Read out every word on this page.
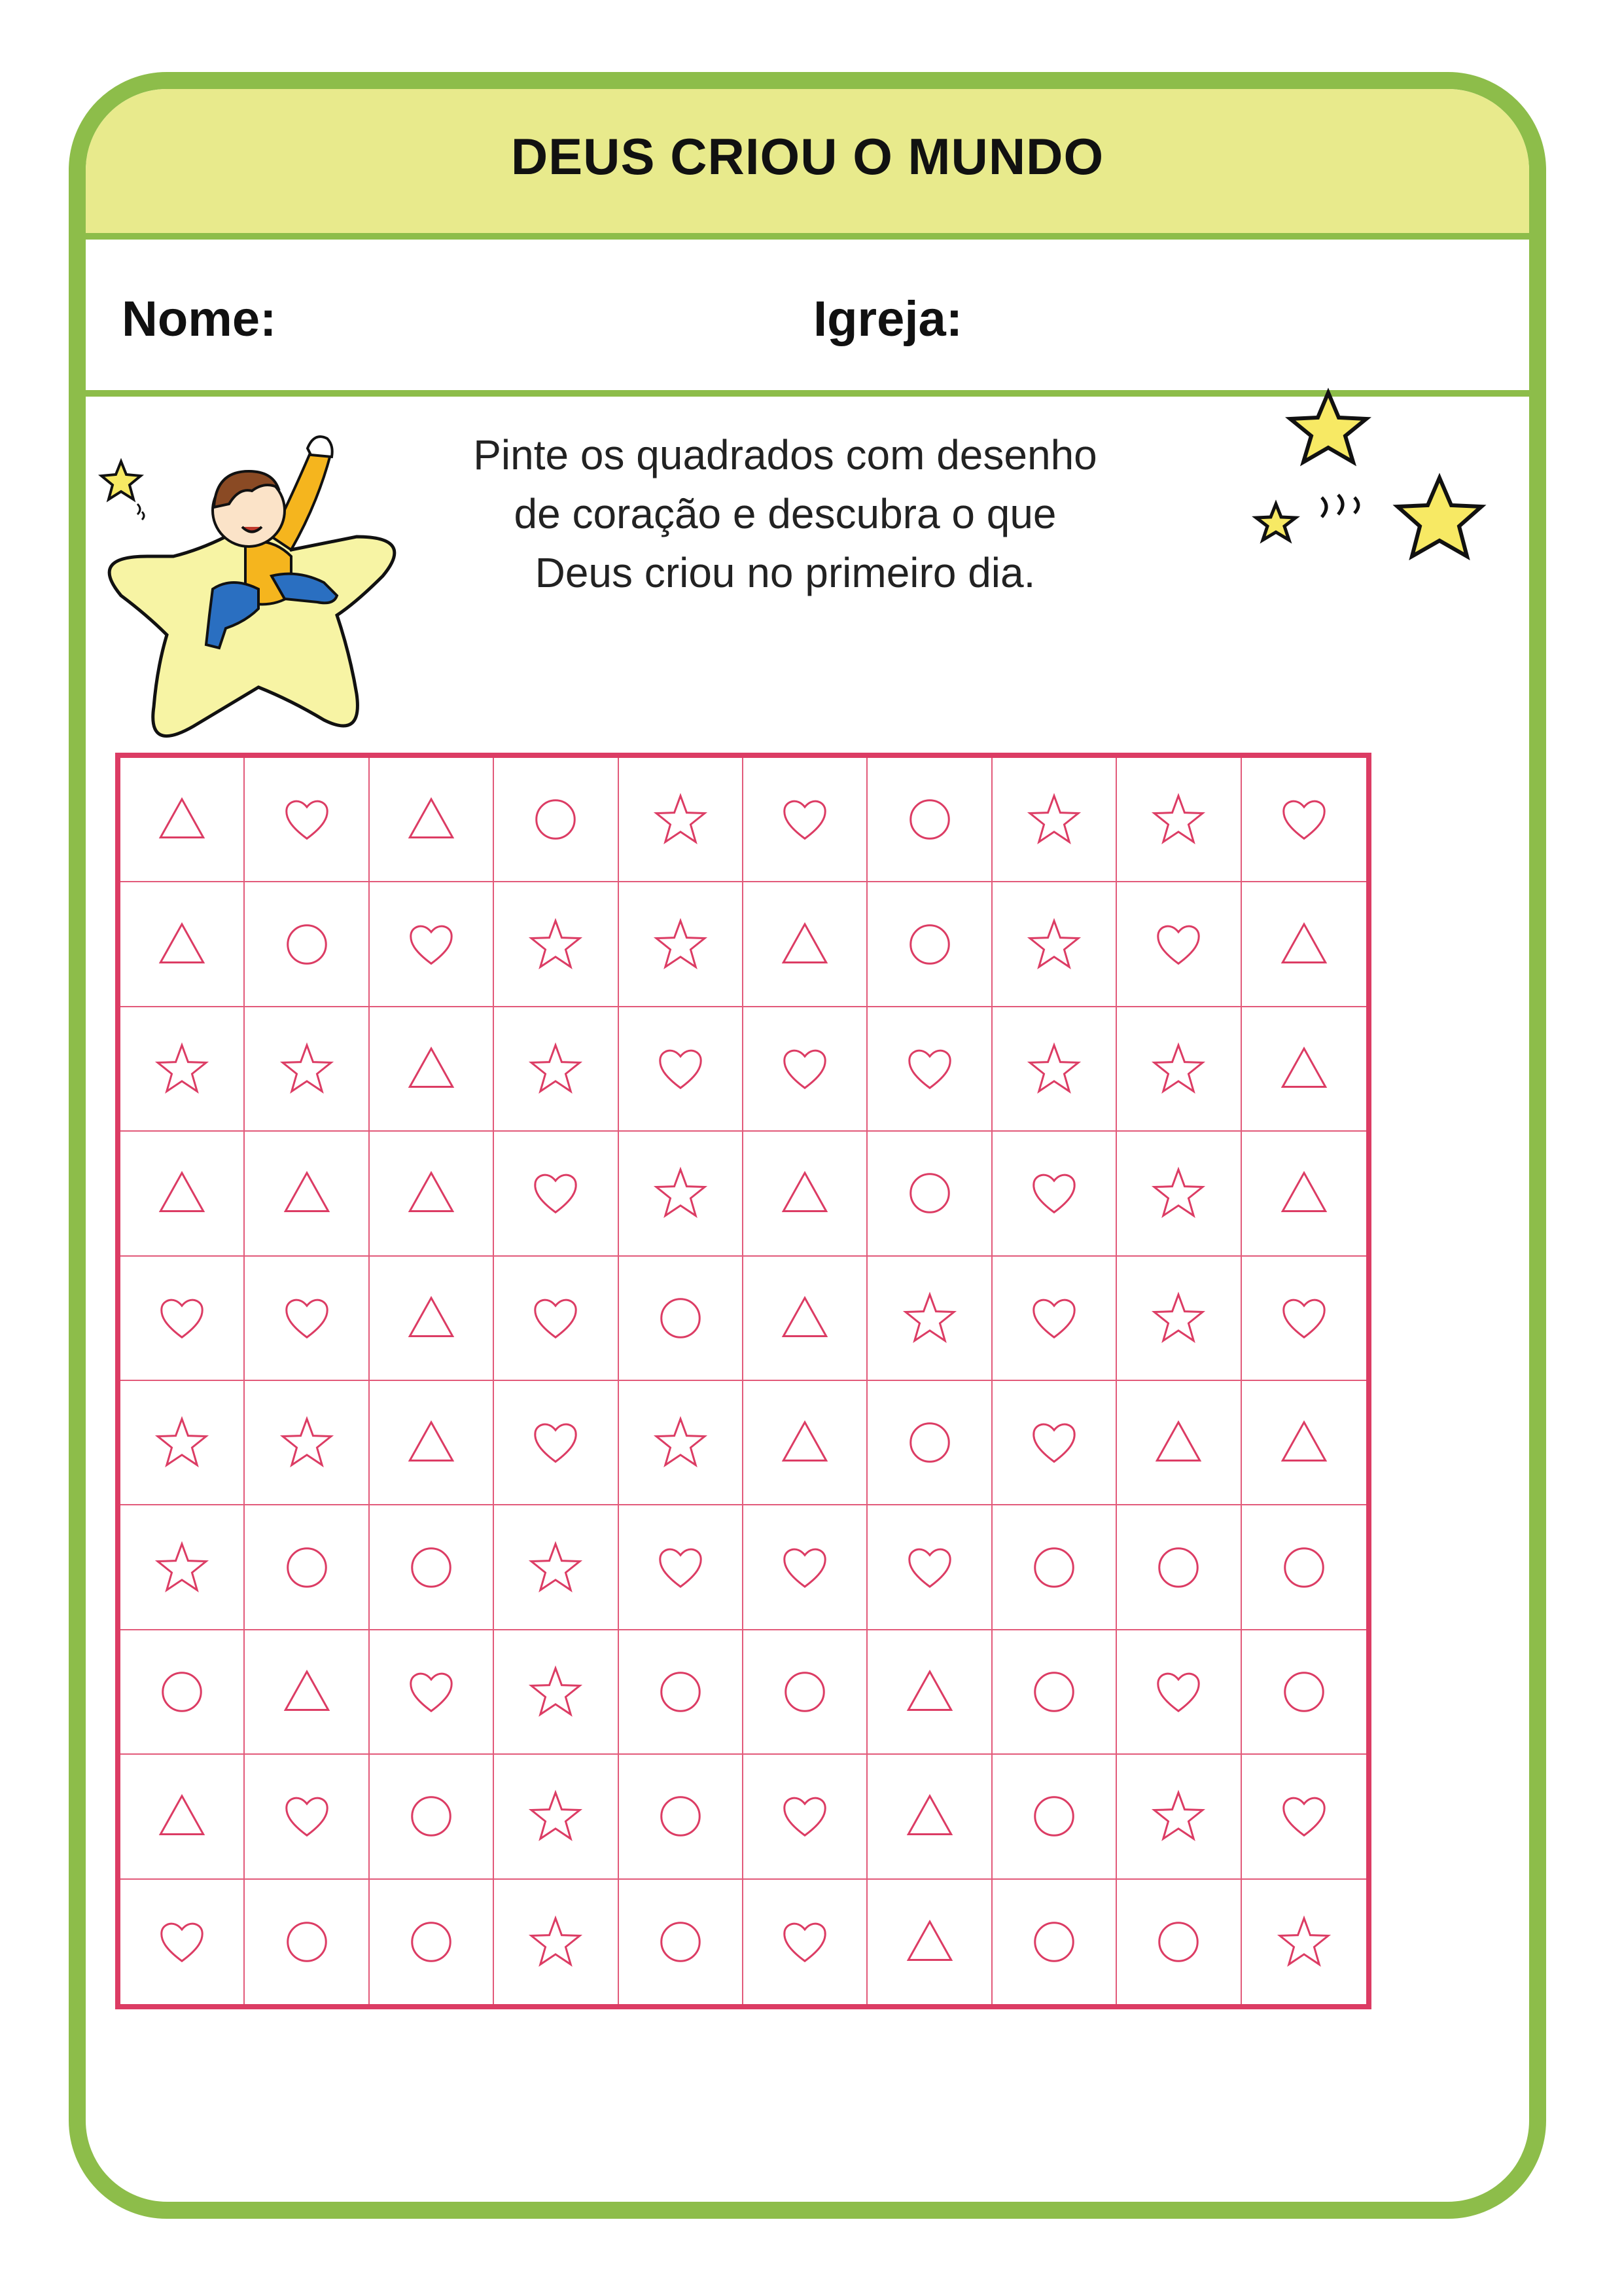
DEUS CRIOU O MUNDO
Nome:	Igreja:
Pinte os quadrados com desenho
de coração e descubra o que
Deus criou no primeiro dia.
